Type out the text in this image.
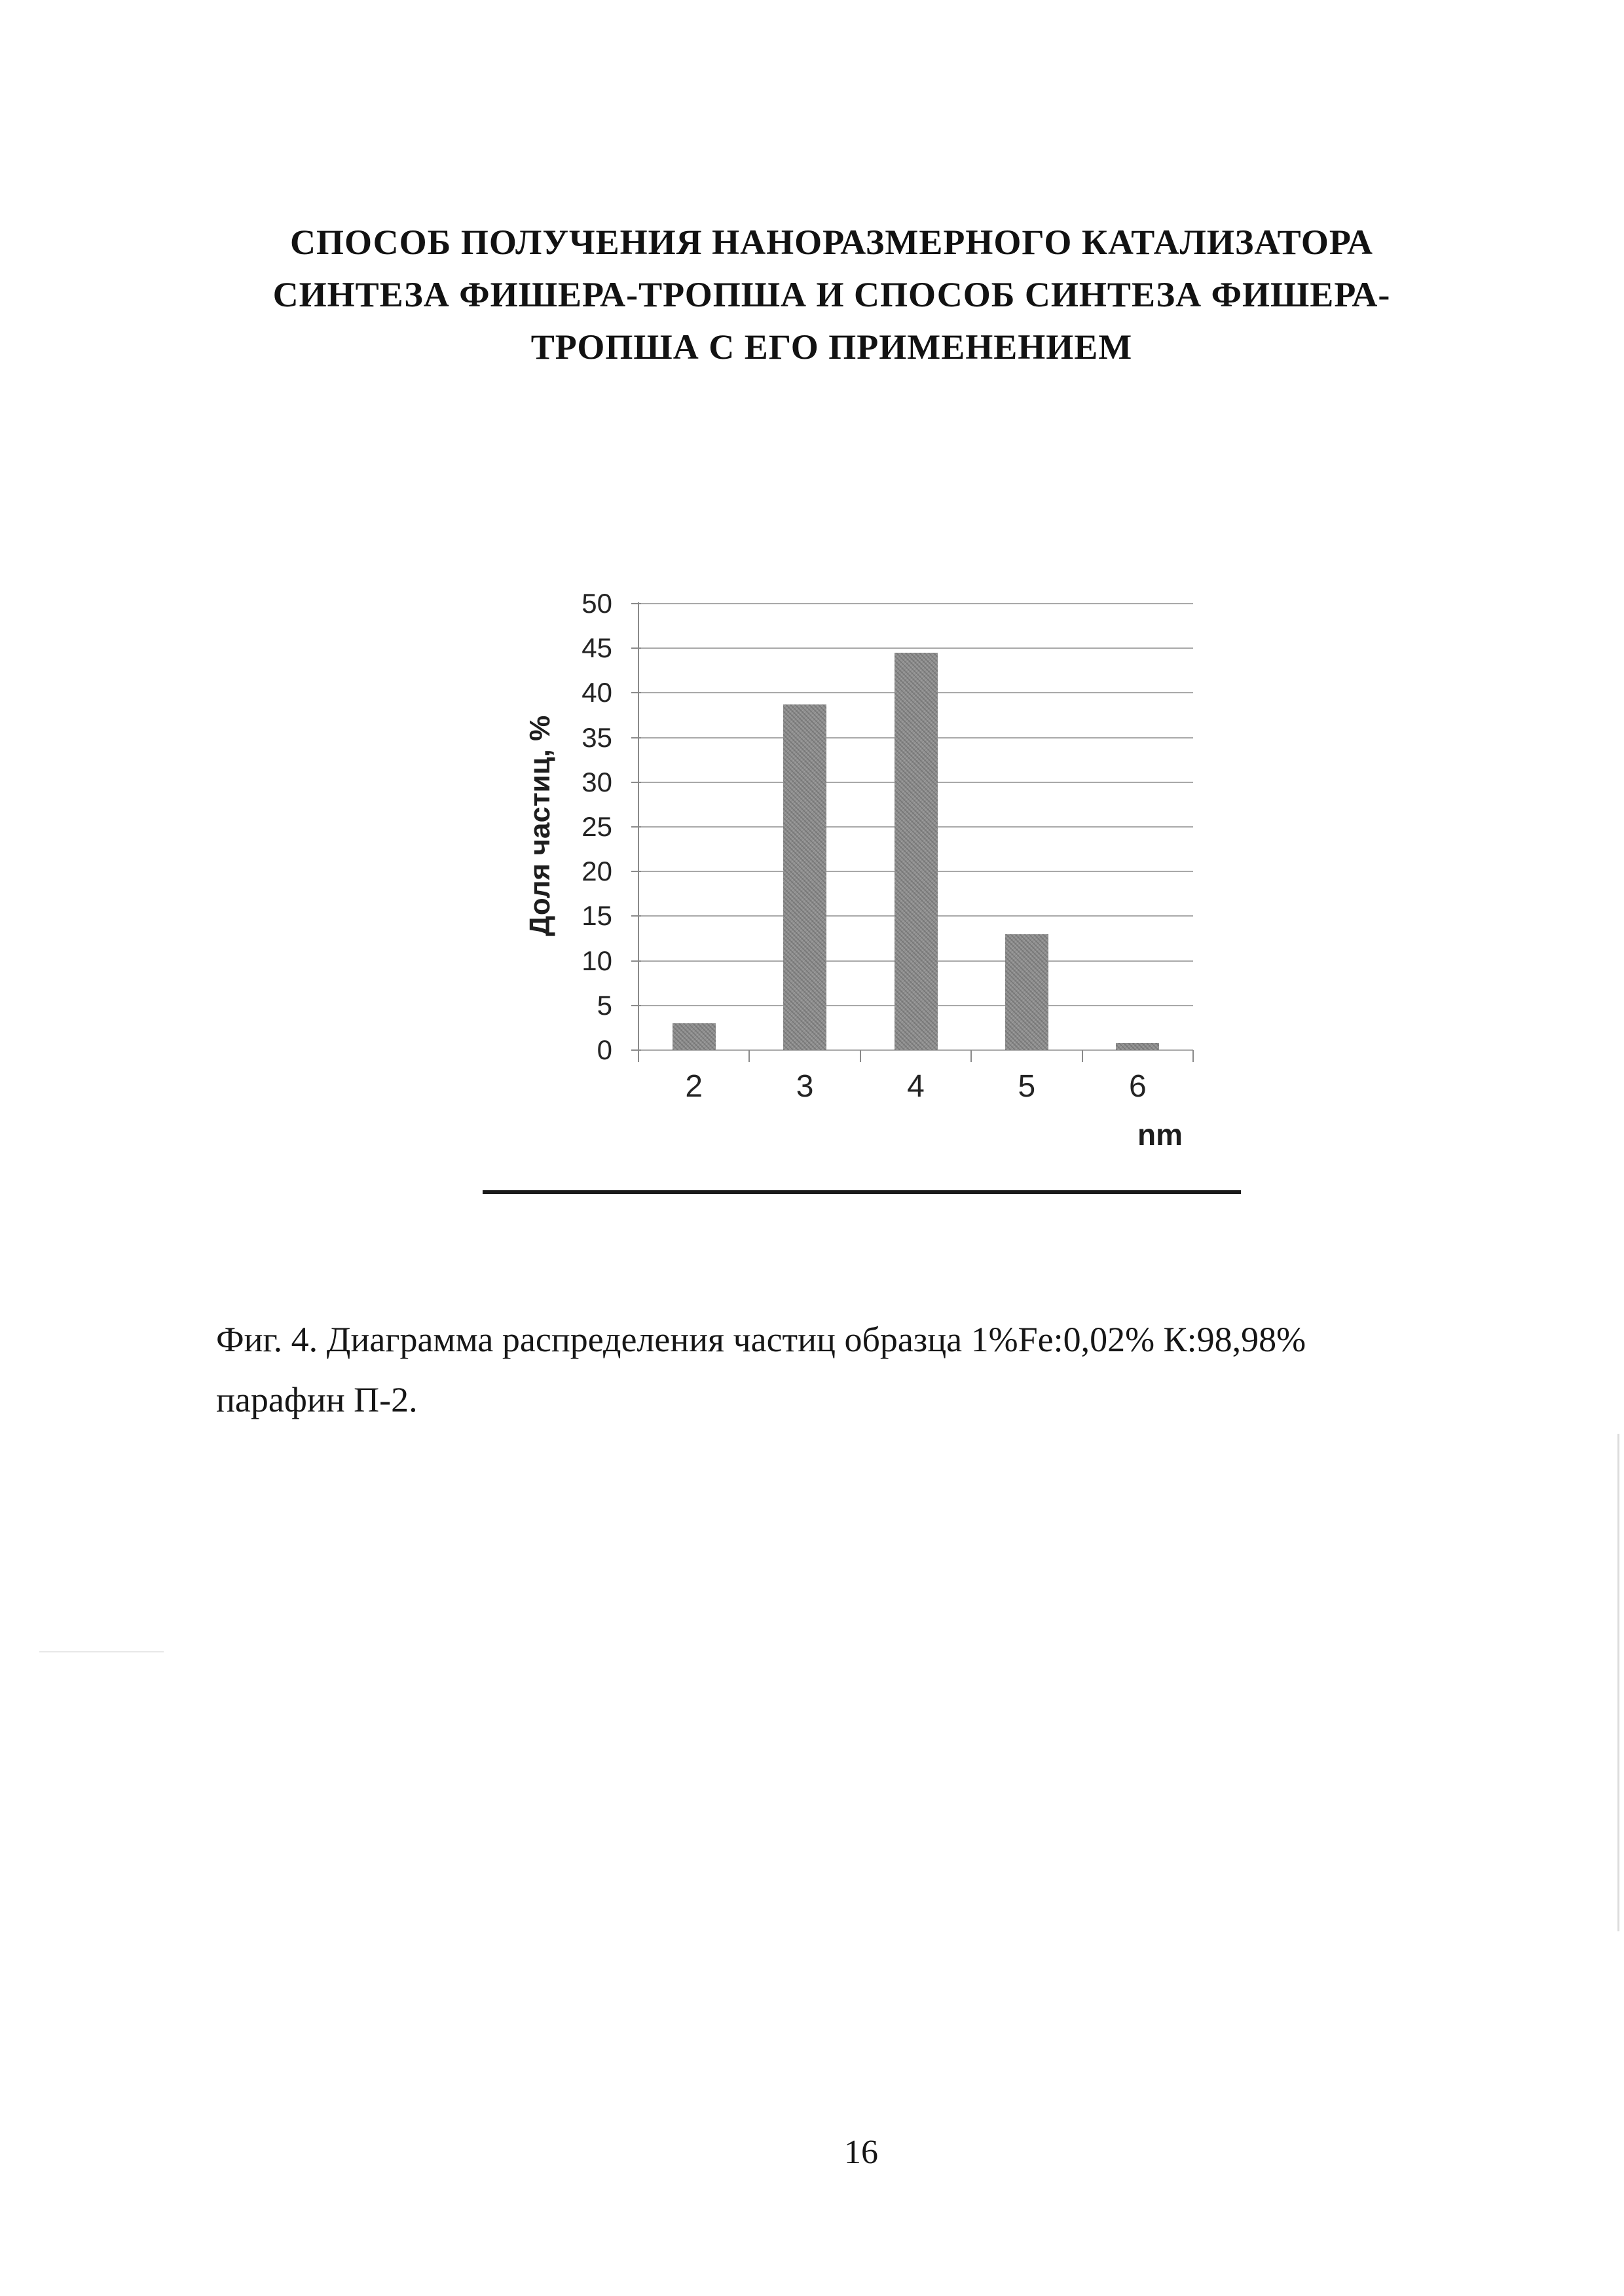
СПОСОБ ПОЛУЧЕНИЯ НАНОРАЗМЕРНОГО КАТАЛИЗАТОРА
СИНТЕЗА ФИШЕРА-ТРОПША И СПОСОБ СИНТЕЗА ФИШЕРА-
ТРОПША С ЕГО ПРИМЕНЕНИЕМ
0
5
10
15
20
25
30
35
40
45
50
2	3	4	5	6
nm
Доля частиц, %
Фиг. 4. Диаграмма распределения частиц образца 1%Fe:0,02% К:98,98%
парафин П-2.
16
